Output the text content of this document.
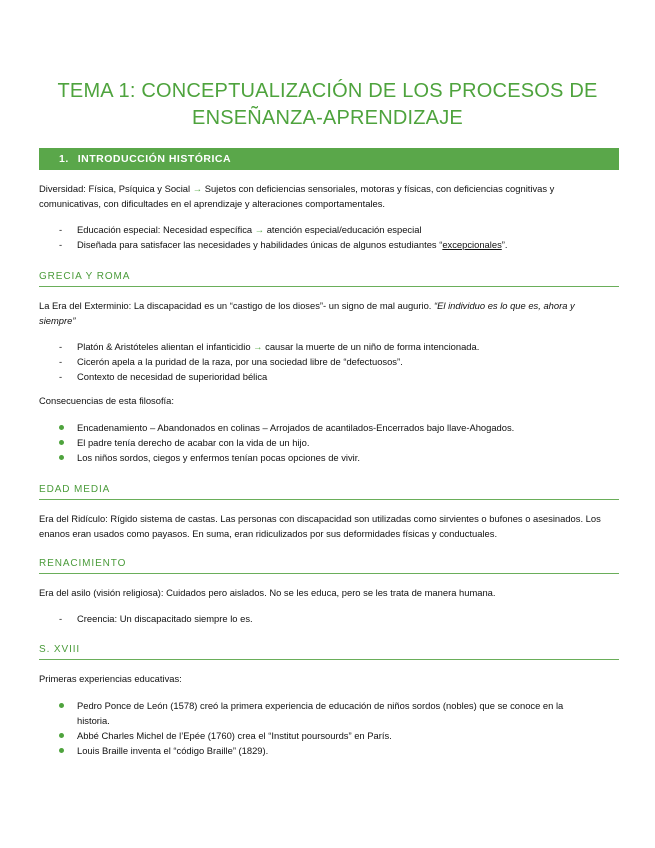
TEMA 1: CONCEPTUALIZACIÓN DE LOS PROCESOS DE
ENSEÑANZA-APRENDIZAJE
1. INTRODUCCIÓN HISTÓRICA
Diversidad: Física, Psíquica y Social → Sujetos con deficiencias sensoriales, motoras y físicas, con deficiencias cognitivas y
comunicativas, con dificultades en el aprendizaje y alteraciones comportamentales.
-	Educación especial: Necesidad específica → atención especial/educación especial
-	Diseñada para satisfacer las necesidades y habilidades únicas de algunos estudiantes “excepcionales”.
GRECIA Y ROMA
La Era del Exterminio: La discapacidad es un “castigo de los dioses”- un signo de mal augurio. “El individuo es lo que es, ahora y
siempre”
-	Platón & Aristóteles alientan el infanticidio → causar la muerte de un niño de forma intencionada.
-	Cicerón apela a la puridad de la raza, por una sociedad libre de “defectuosos”.
-	Contexto de necesidad de superioridad bélica
Consecuencias de esta filosofía:
Encadenamiento – Abandonados en colinas – Arrojados de acantilados-Encerrados bajo llave-Ahogados.
El padre tenía derecho de acabar con la vida de un hijo.
Los niños sordos, ciegos y enfermos tenían pocas opciones de vivir.
EDAD MEDIA
Era del Ridículo: Rígido sistema de castas. Las personas con discapacidad son utilizadas como sirvientes o bufones o asesinados. Los
enanos eran usados como payasos. En suma, eran ridiculizados por sus deformidades físicas y conductuales.
RENACIMIENTO
Era del asilo (visión religiosa): Cuidados pero aislados. No se les educa, pero se les trata de manera humana.
-	Creencia: Un discapacitado siempre lo es.
S. XVIII
Primeras experiencias educativas:
Pedro Ponce de León (1578) creó la primera experiencia de educación de niños sordos (nobles) que se conoce en la
historia.
Abbé Charles Michel de l’Epée (1760) crea el “Institut poursourds” en París.
Louis Braille inventa el “código Braille” (1829).
